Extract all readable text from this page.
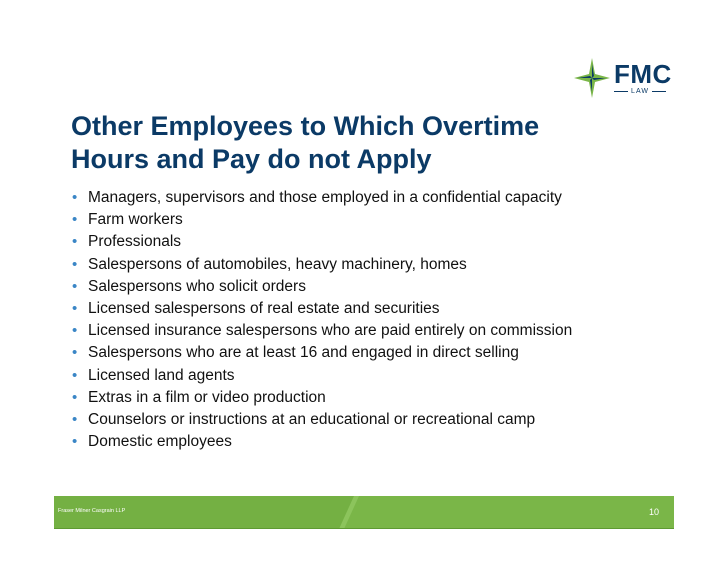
FMC
LAW
Other Employees to Which Overtime
Hours and Pay do not Apply
• Managers, supervisors and those employed in a confidential capacity
• Farm workers
• Professionals
• Salespersons of automobiles, heavy machinery, homes
• Salespersons who solicit orders
• Licensed salespersons of real estate and securities
• Licensed insurance salespersons who are paid entirely on commission
• Salespersons who are at least 16 and engaged in direct selling
• Licensed land agents
• Extras in a film or video production
• Counselors or instructions at an educational or recreational camp
• Domestic employees
Fraser Milner Casgrain LLP	10
